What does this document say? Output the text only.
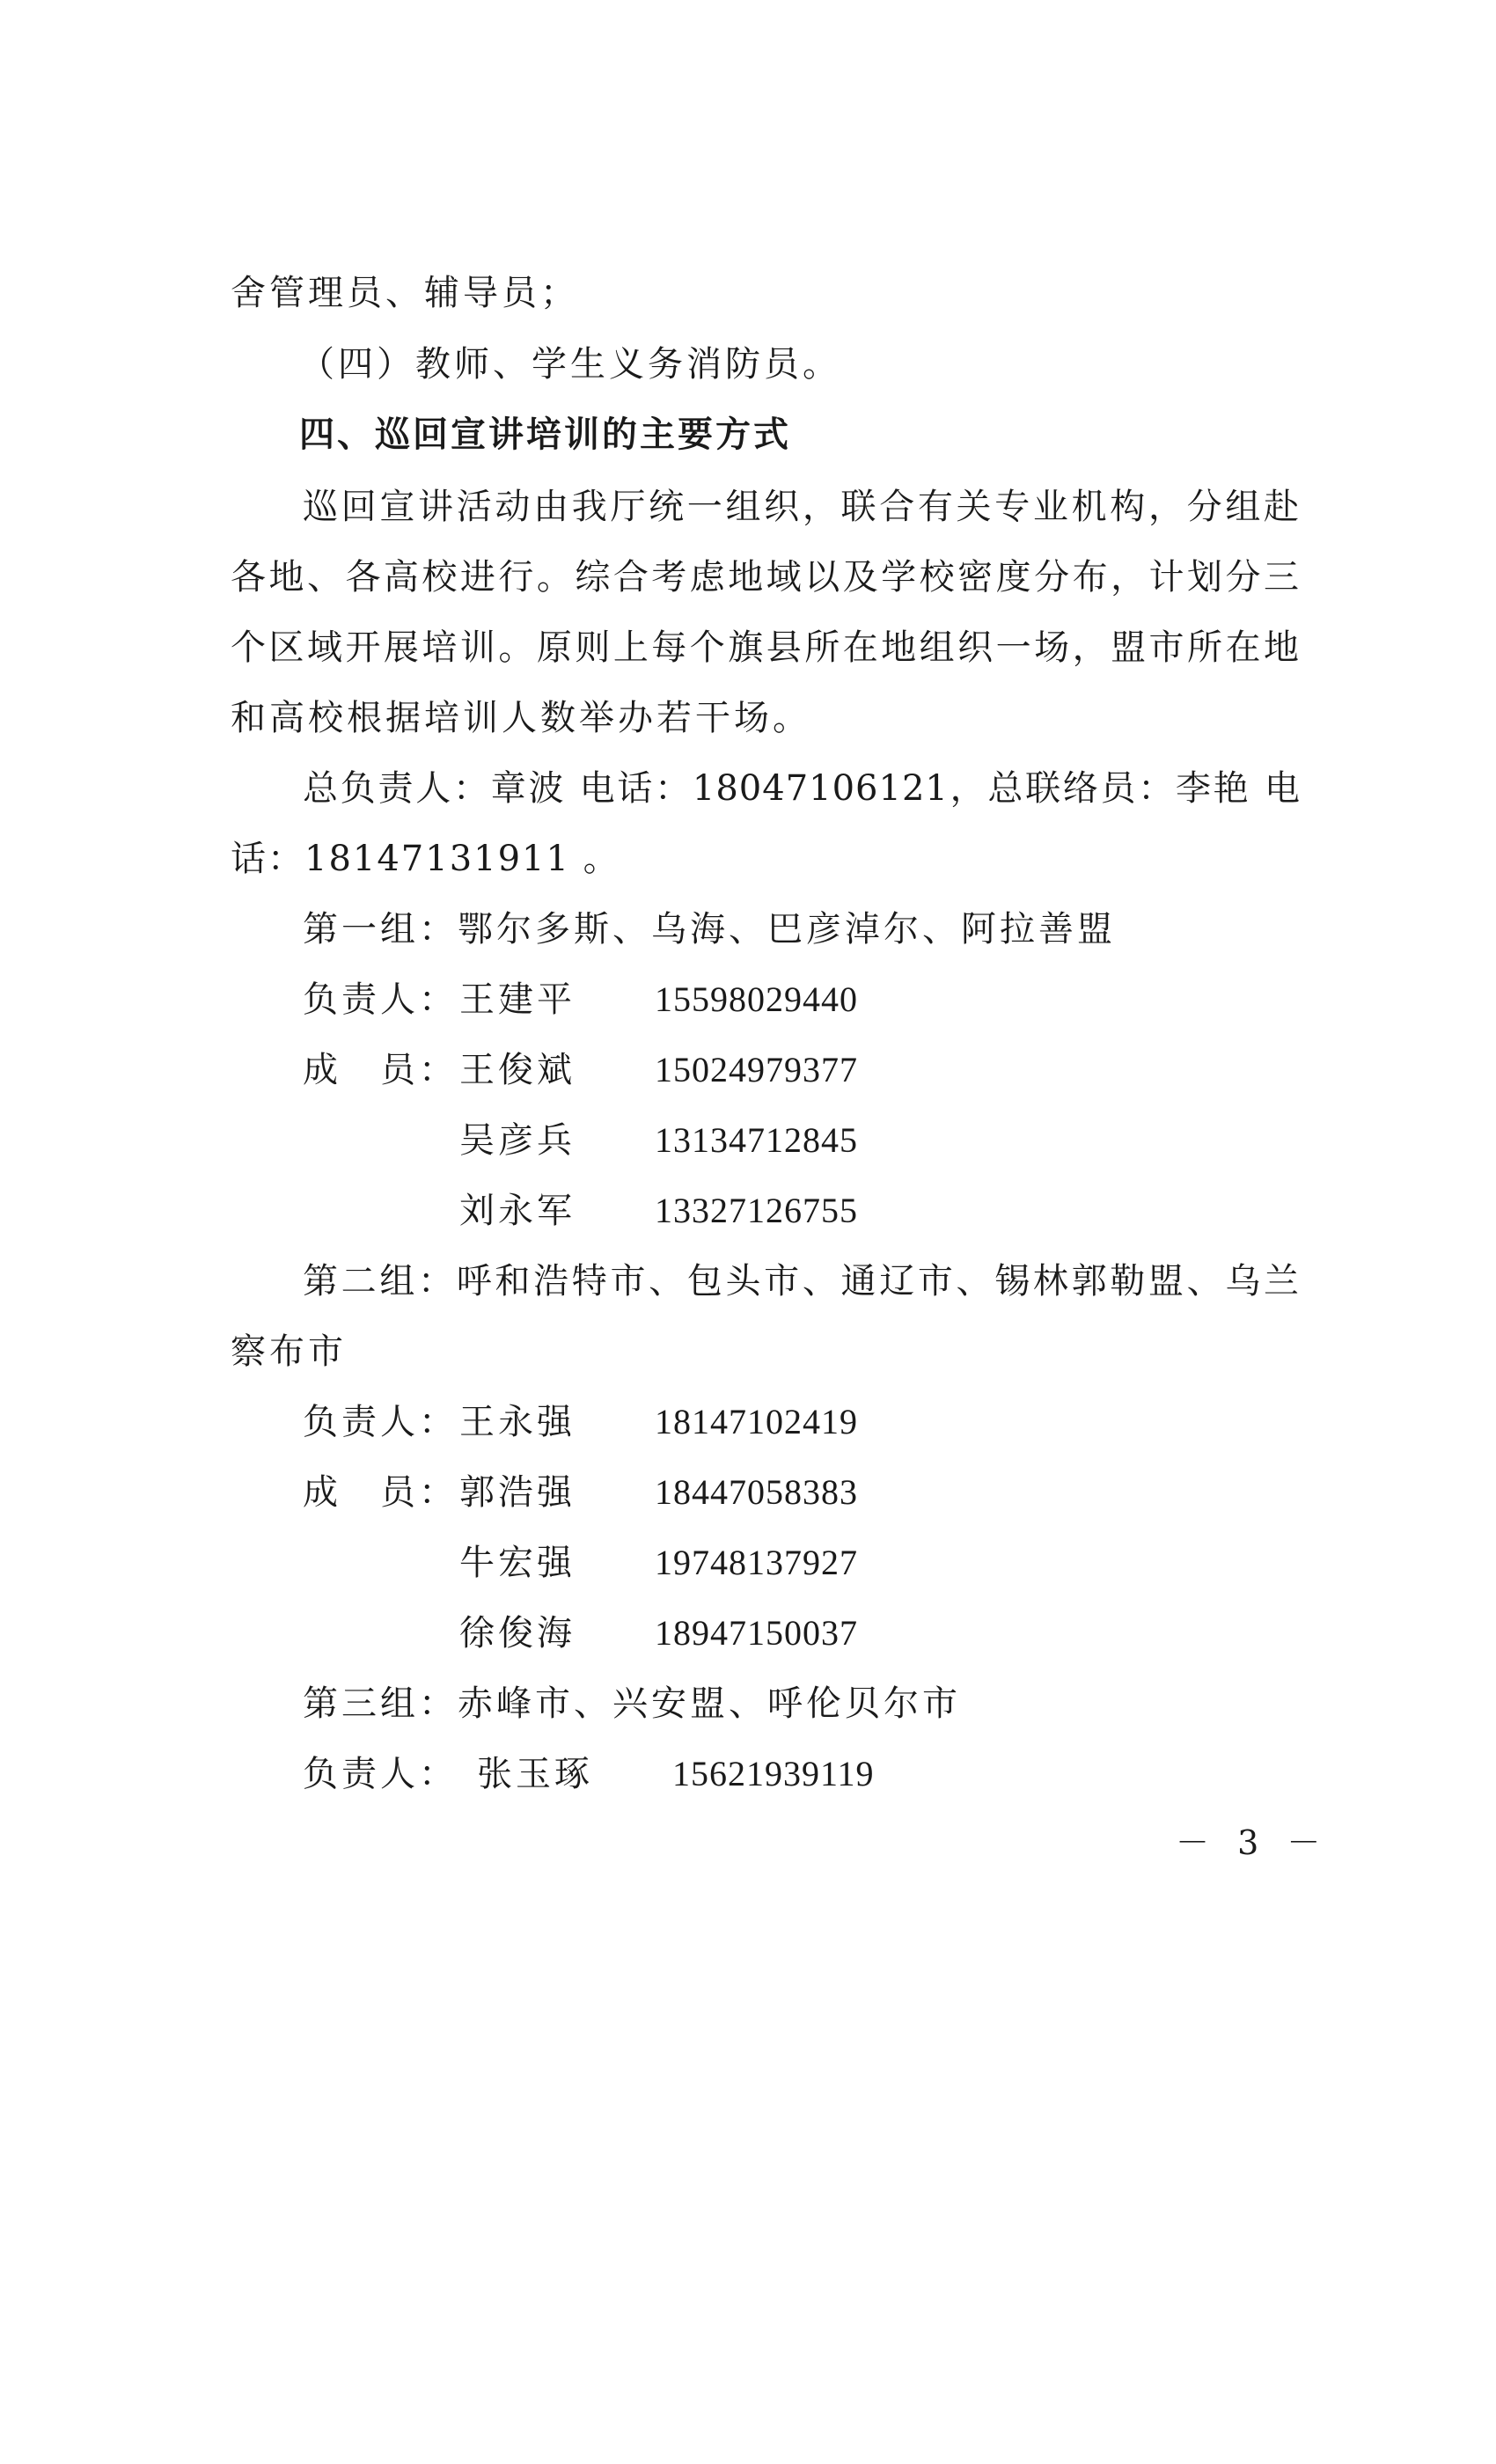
舍管理员、辅导员；
（四）教师、学生义务消防员。
四、巡回宣讲培训的主要方式
巡回宣讲活动由我厅统一组织，联合有关专业机构，分组赴
各地、各高校进行。综合考虑地域以及学校密度分布，计划分三
个区域开展培训。原则上每个旗县所在地组织一场，盟市所在地
和高校根据培训人数举办若干场。
总负责人：章波 电话：18047106121，总联络员：李艳 电
话：18147131911 。
第一组：鄂尔多斯、乌海、巴彦淖尔、阿拉善盟
负责人： 王建平 15598029440
成　员： 王俊斌 15024979377
吴彦兵 13134712845
刘永军 13327126755
第二组：呼和浩特市、包头市、通辽市、锡林郭勒盟、乌兰
察布市
负责人： 王永强 18147102419
成　员： 郭浩强 18447058383
牛宏强 19748137927
徐俊海 18947150037
第三组：赤峰市、兴安盟、呼伦贝尔市
负责人： 张玉琢 15621939119
－ 3 －
